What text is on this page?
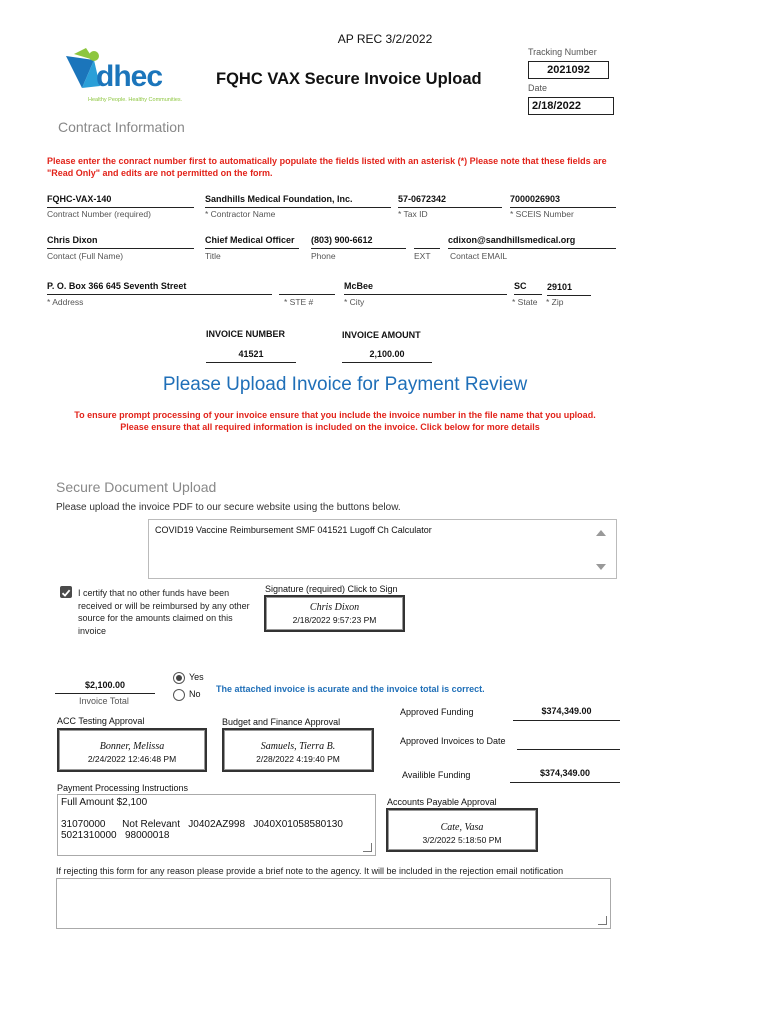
AP REC 3/2/2022
dhec
Healthy People. Healthy Communities.
FQHC VAX Secure Invoice Upload
Tracking Number
2021092
Date
2/18/2022
Contract Information
Please enter the conract number first to automatically populate the fields listed with an asterisk (*) Please note that these fields are "Read Only" and edits are not permitted on the form.
FQHC-VAX-140
Contract Number (required)
Sandhills Medical Foundation, Inc.
* Contractor Name
57-0672342
* Tax ID
7000026903
* SCEIS Number
Chris Dixon
Contact (Full Name)
Chief Medical Officer
Title
(803) 900-6612
Phone	EXT
cdixon@sandhillsmedical.org
Contact EMAIL
P. O. Box 366 645 Seventh Street
* Address	* STE #
McBee
* City
SC
* State
29101
* Zip
INVOICE NUMBER
41521
INVOICE AMOUNT
2,100.00
Please Upload Invoice for Payment Review
To ensure prompt processing of your invoice ensure that you include the invoice number in the file name that you upload.
Please ensure that all required information is included on the invoice. Click below for more details
Secure Document Upload
Please upload the invoice PDF to our secure website using the buttons below.
COVID19 Vaccine Reimbursement SMF 041521 Lugoff Ch Calculator
I certify that no other funds have been received or will be reimbursed by any other source for the amounts claimed on this invoice
Signature (required) Click to Sign
Chris Dixon
2/18/2022 9:57:23 PM
$2,100.00
Invoice Total
Yes
No The attached invoice is acurate and the invoice total is correct.
ACC Testing Approval
Bonner, Melissa
2/24/2022 12:46:48 PM
Budget and Finance Approval
Samuels, Tierra B.
2/28/2022 4:19:40 PM
Approved Funding	$374,349.00
Approved Invoices to Date
Availible Funding	$374,349.00
Payment Processing Instructions
Full Amount $2,100
31070000      Not Relevant   J0402AZ998   J040X01058580130
5021310000   98000018
Accounts Payable Approval
Cate, Vasa
3/2/2022 5:18:50 PM
If rejecting this form for any reason please provide a brief note to the agency. It will be included in the rejection email notification
